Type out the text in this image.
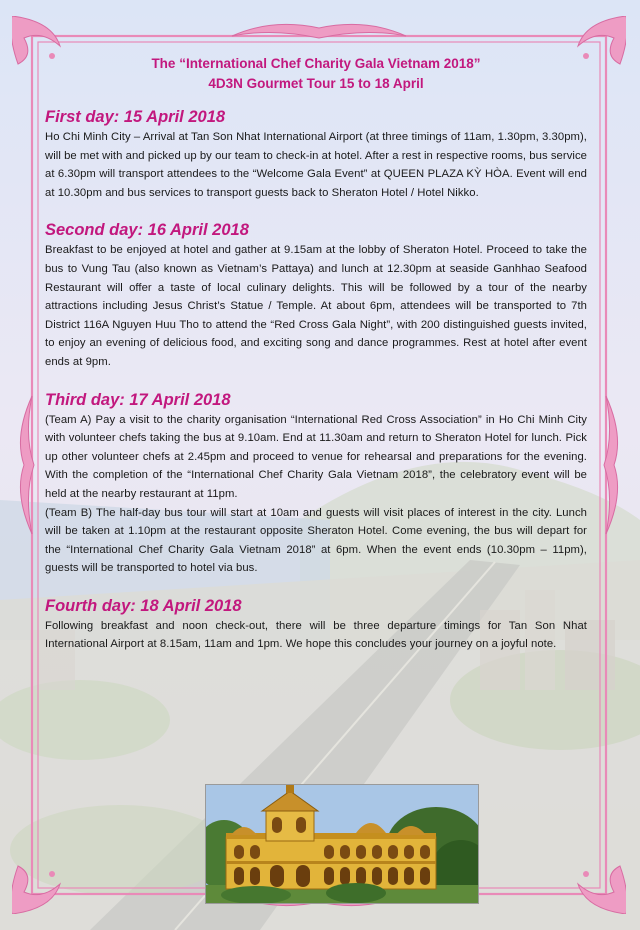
The “International Chef Charity Gala Vietnam 2018”

4D3N Gourmet Tour 15 to 18 April

First day: 15 April 2018

Ho Chi Minh City – Arrival at Tan Son Nhat International Airport (at three timings of 11am, 1.30pm, 3.30pm), will be met with and picked up by our team to check-in at hotel. After a rest in respective rooms, bus service at 6.30pm will transport attendees to the “Welcome Gala Event” at QUEEN PLAZA KỲ HÒA. Event will end at 10.30pm and bus services to transport guests back to Sheraton Hotel / Hotel Nikko.

Second day: 16 April 2018

Breakfast to be enjoyed at hotel and gather at 9.15am at the lobby of Sheraton Hotel. Proceed to take the bus to Vung Tau (also known as Vietnam’s Pattaya) and lunch at 12.30pm at seaside Ganhhao Seafood Restaurant will offer a taste of local culinary delights. This will be followed by a tour of the nearby attractions including Jesus Christ’s Statue / Temple. At about 6pm, attendees will be transported to 7th District 116A Nguyen Huu Tho to attend the “Red Cross Gala Night”, with 200 distinguished guests invited, to enjoy an evening of delicious food, and exciting song and dance programmes. Rest at hotel after event ends at 9pm.

Third day: 17 April 2018

(Team A) Pay a visit to the charity organisation “International Red Cross Association” in Ho Chi Minh City with volunteer chefs taking the bus at 9.10am. End at 11.30am and return to Sheraton Hotel for lunch. Pick up other volunteer chefs at 2.45pm and proceed to venue for rehearsal and preparations for the evening. With the completion of the “International Chef Charity Gala Vietnam 2018”, the celebratory event will be held at the nearby restaurant at 11pm.

(Team B) The half-day bus tour will start at 10am and guests will visit places of interest in the city. Lunch will be taken at 1.10pm at the restaurant opposite Sheraton Hotel. Come evening, the bus will depart for the “International Chef Charity Gala Vietnam 2018” at 6pm. When the event ends (10.30pm – 11pm), guests will be transported to hotel via bus.

Fourth day: 18 April 2018

Following breakfast and noon check-out, there will be three departure timings for Tan Son Nhat International Airport at 8.15am, 11am and 1pm. We hope this concludes your journey on a joyful note.
